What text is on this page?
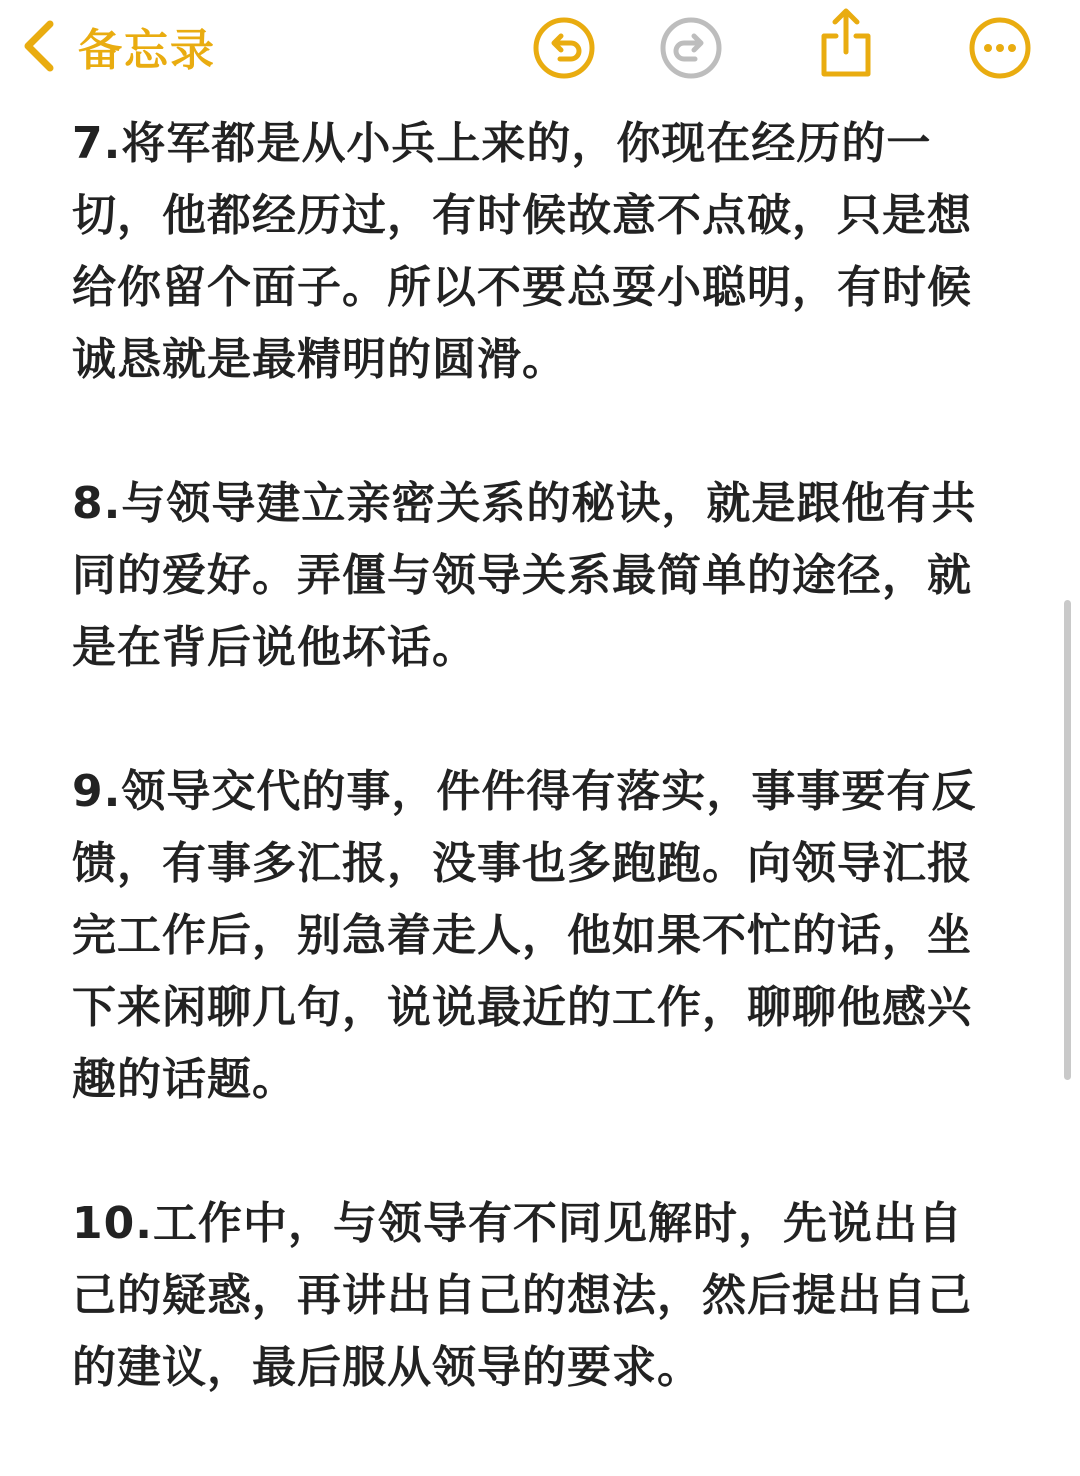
备忘录

7.将军都是从小兵上来的，你现在经历的一切，他都经历过，有时候故意不点破，只是想给你留个面子。所以不要总耍小聪明，有时候诚恳就是最精明的圆滑。

8.与领导建立亲密关系的秘诀，就是跟他有共同的爱好。弄僵与领导关系最简单的途径，就是在背后说他坏话。

9.领导交代的事，件件得有落实，事事要有反馈，有事多汇报，没事也多跑跑。向领导汇报完工作后，别急着走人，他如果不忙的话，坐下来闲聊几句，说说最近的工作，聊聊他感兴趣的话题。

10.工作中，与领导有不同见解时，先说出自己的疑惑，再讲出自己的想法，然后提出自己的建议，最后服从领导的要求。
